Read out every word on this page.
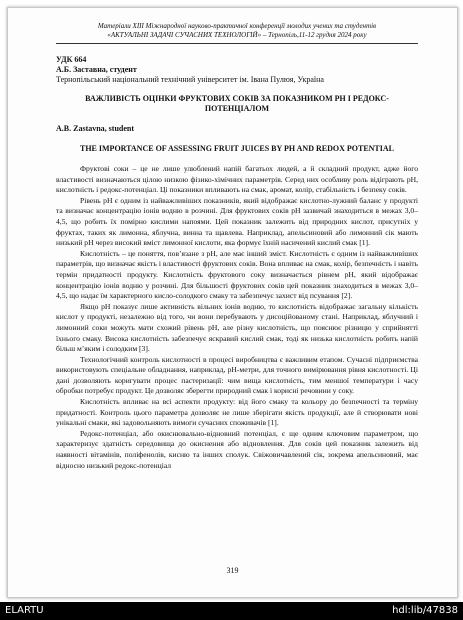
Матеріали XIII Міжнародної науково-практичної конференції молодих учених та студентів
«АКТУАЛЬНІ ЗАДАЧІ СУЧАСНИХ ТЕХНОЛОГІЙ» – Тернопіль,11-12 грудня 2024 року
УДК 664
А.Б. Заставна, студент
Тернопільський національний технічний університет ім. Івана Пулюя, Україна
ВАЖЛИВІСТЬ ОЦІНКИ ФРУКТОВИХ СОКІВ ЗА ПОКАЗНИКОМ PH І РЕДОКС-ПОТЕНЦІАЛОМ
A.B. Zastavna, student
THE IMPORTANCE OF ASSESSING FRUIT JUICES BY PH AND REDOX POTENTIAL

Фруктові соки – це не лише улюблений напій багатьох людей, а й складний продукт, адже його властивості визначаються цілою низкою фізико-хімічних параметрів. Серед них особливу роль відіграють pH, кислотність і редокс-потенціал. Ці показники впливають на смак, аромат, колір, стабільність і безпеку соків.

Рівень pH є одним із найважливіших показників, який відображає кислотно-лужний баланс у продукті та визначає концентрацію іонів водню в розчині. Для фруктових соків pH зазвичай знаходиться в межах 3,0–4,5, що робить їх помірно кислими напоями. Цей показник залежить від природних кислот, присутніх у фруктах, таких як лимонна, яблучна, винна та щавлева. Наприклад, апельсиновий або лимонний сік мають низький pH через високий вміст лимонної кислоти, яка формує їхній насичений кислий смак [1].

Кислотність – це поняття, пов’язане з pH, але має інший зміст. Кислотність є одним із найважливіших параметрів, що визначає якість і властивості фруктових соків. Вона впливає на смак, колір, безпечність і навіть термін придатності продукту. Кислотність фруктового соку визначається рівнем pH, який відображає концентрацію іонів водню у розчині. Для більшості фруктових соків цей показник знаходиться в межах 3,0–4,5, що надає їм характерного кисло-солодкого смаку та забезпечує захист від псування [2].

Якщо pH показує лише активність вільних іонів водню, то кислотність відображає загальну кількість кислот у продукті, незалежно від того, чи вони перебувають у дисоційованому стані. Наприклад, яблучний і лимонний соки можуть мати схожий рівень pH, але різну кислотність, що пояснює різницю у сприйнятті їхнього смаку. Висока кислотність забезпечує яскравий кислий смак, тоді як низька кислотність робить напій більш м’яким і солодким [3].

Технологічний контроль кислотності в процесі виробництва є важливим етапом. Сучасні підприємства використовують спеціальне обладнання, наприклад, pH-метри, для точного вимірювання рівня кислотності. Ці дані дозволяють коригувати процес пастеризації: чим вища кислотність, тим меншої температури і часу обробки потребує продукт. Це дозволяє зберегти природний смак і корисні речовини у соку.

Кислотність впливає на всі аспекти продукту: від його смаку та кольору до безпечності та терміну придатності. Контроль цього параметра дозволяє не лише зберігати якість продукції, але й створювати нові унікальні смаки, які задовольняють вимоги сучасних споживачів [1].

Редокс-потенціал, або окиснювально-відновний потенціал, є ще одним ключовим параметром, що характеризує здатність середовища до окиснення або відновлення. Для соків цей показник залежить від наявності вітамінів, поліфенолів, кисню та інших сполук. Свіжовичавлений сік, зокрема апельсиновий, має відносно низький редокс-потенціал

319
ELARTU	hdl:lib/47838
